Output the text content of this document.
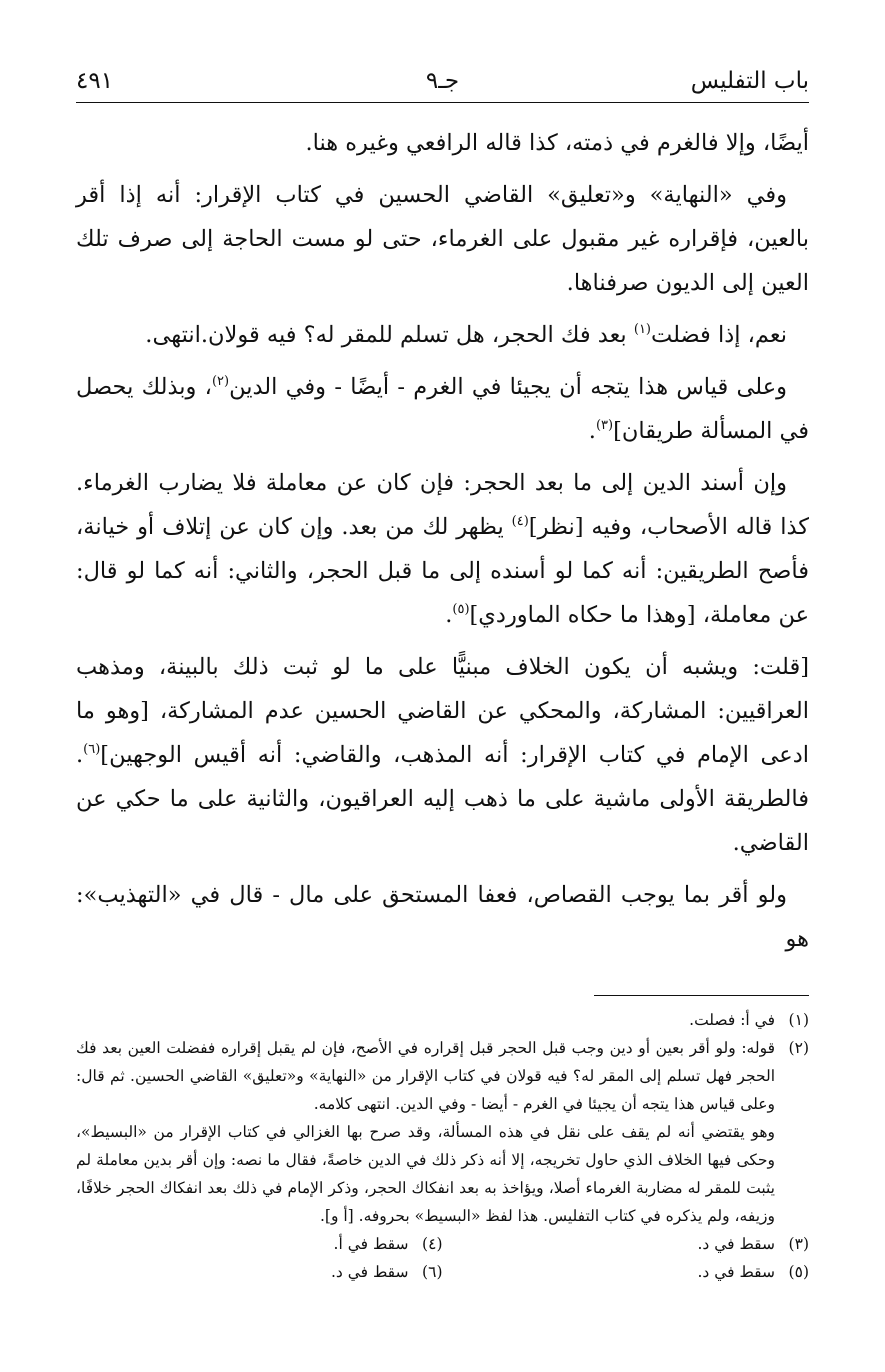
باب التفليس
جـ٩
٤٩١

أيضًا، وإلا فالغرم في ذمته، كذا قاله الرافعي وغيره هنا.

وفي «النهاية» و«تعليق» القاضي الحسين في كتاب الإقرار: أنه إذا أقر بالعين، فإقراره غير مقبول على الغرماء، حتى لو مست الحاجة إلى صرف تلك العين إلى الديون صرفناها.

نعم، إذا فضلت$^{(١)}$ بعد فك الحجر، هل تسلم للمقر له؟ فيه قولان.انتهى.

وعلى قياس هذا يتجه أن يجيئا في الغرم - أيضًا - وفي الدين$^{(٢)}$، وبذلك يحصل في المسألة طريقان]$^{(٣)}$.

وإن أسند الدين إلى ما بعد الحجر: فإن كان عن معاملة فلا يضارب الغرماء. كذا قاله الأصحاب، وفيه [نظر]$^{(٤)}$ يظهر لك من بعد. وإن كان عن إتلاف أو خيانة، فأصح الطريقين: أنه كما لو أسنده إلى ما قبل الحجر، والثاني: أنه كما لو قال: عن معاملة، [وهذا ما حكاه الماوردي]$^{(٥)}$.

[قلت: ويشبه أن يكون الخلاف مبنيًّا على ما لو ثبت ذلك بالبينة، ومذهب العراقيين: المشاركة، والمحكي عن القاضي الحسين عدم المشاركة، [وهو ما ادعى الإمام في كتاب الإقرار: أنه المذهب، والقاضي: أنه أقيس الوجهين]$^{(٦)}$. فالطريقة الأولى ماشية على ما ذهب إليه العراقيون، والثانية على ما حكي عن القاضي.

ولو أقر بما يوجب القصاص، فعفا المستحق على مال - قال في «التهذيب»: هو

(١)
في أ: فصلت.
(٢)
قوله: ولو أقر بعين أو دين وجب قبل الحجر قبل إقراره في الأصح، فإن لم يقبل إقراره ففضلت العين بعد فك الحجر فهل تسلم إلى المقر له؟ فيه قولان في كتاب الإقرار من «النهاية» و«تعليق» القاضي الحسين. ثم قال: وعلى قياس هذا يتجه أن يجيئا في الغرم - أيضا - وفي الدين. انتهى كلامه.
وهو يقتضي أنه لم يقف على نقل في هذه المسألة، وقد صرح بها الغزالي في كتاب الإقرار من «البسيط»، وحكى فيها الخلاف الذي حاول تخريجه، إلا أنه ذكر ذلك في الدين خاصةً، فقال ما نصه: وإن أقر بدين معاملة لم يثبت للمقر له مضاربة الغرماء أصلا، ويؤاخذ به بعد انفكاك الحجر، وذكر الإمام في ذلك بعد انفكاك الحجر خلافًا، وزيفه، ولم يذكره في كتاب التفليس. هذا لفظ «البسيط» بحروفه. [أ و].
(٣)
سقط في د.
(٤)
سقط في أ.
(٥)
سقط في د.
(٦)
سقط في د.
